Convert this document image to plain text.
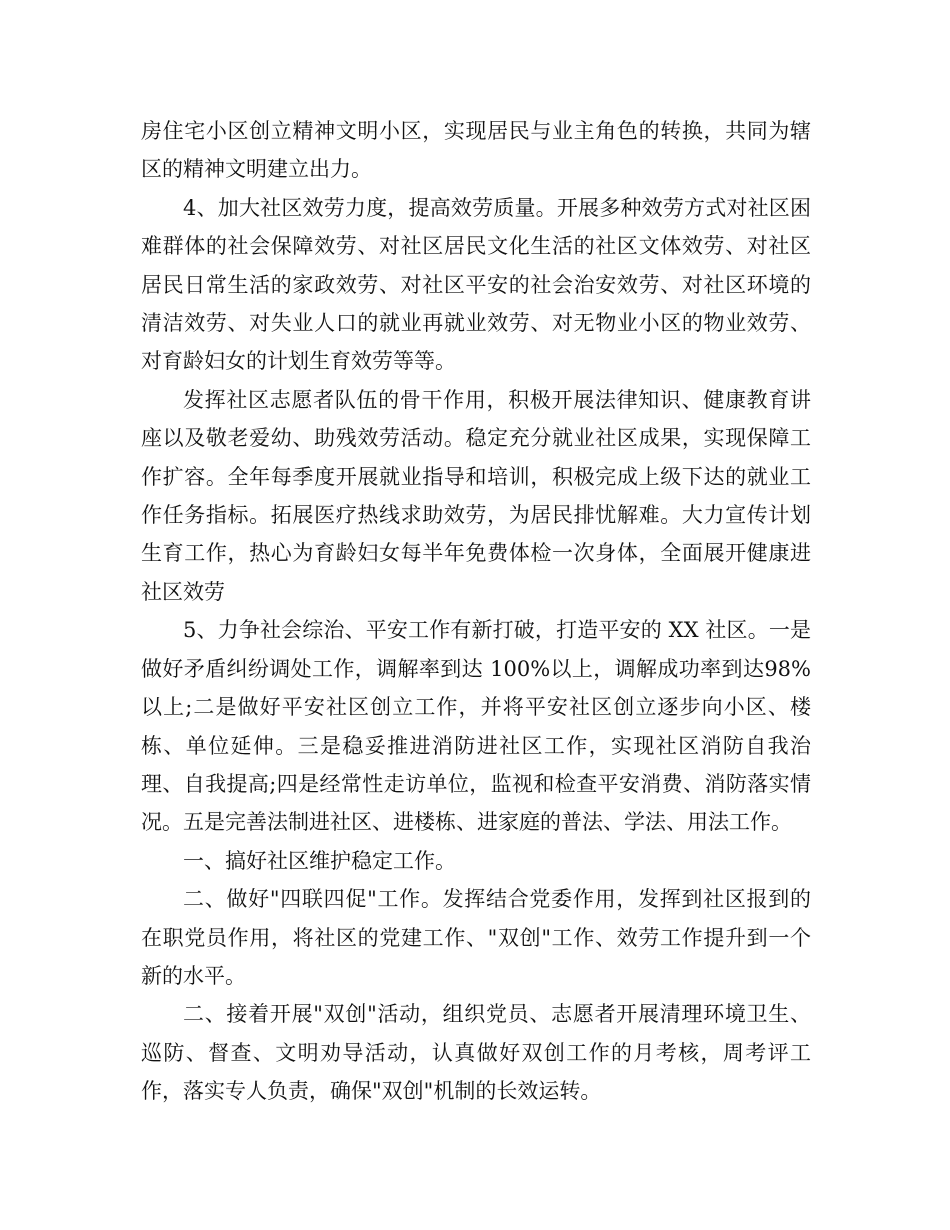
房住宅小区创立精神文明小区，实现居民与业主角色的转换，共同为辖区的精神文明建立出力。

4、加大社区效劳力度，提高效劳质量。开展多种效劳方式对社区困难群体的社会保障效劳、对社区居民文化生活的社区文体效劳、对社区居民日常生活的家政效劳、对社区平安的社会治安效劳、对社区环境的清洁效劳、对失业人口的就业再就业效劳、对无物业小区的物业效劳、对育龄妇女的计划生育效劳等等。

发挥社区志愿者队伍的骨干作用，积极开展法律知识、健康教育讲座以及敬老爱幼、助残效劳活动。稳定充分就业社区成果，实现保障工作扩容。全年每季度开展就业指导和培训，积极完成上级下达的就业工作任务指标。拓展医疗热线求助效劳，为居民排忧解难。大力宣传计划生育工作，热心为育龄妇女每半年免费体检一次身体，全面展开健康进社区效劳

5、力争社会综治、平安工作有新打破，打造平安的 XX 社区。一是做好矛盾纠纷调处工作，调解率到达 100%以上，调解成功率到达98%以上;二是做好平安社区创立工作，并将平安社区创立逐步向小区、楼栋、单位延伸。三是稳妥推进消防进社区工作，实现社区消防自我治理、自我提高;四是经常性走访单位，监视和检查平安消费、消防落实情况。五是完善法制进社区、进楼栋、进家庭的普法、学法、用法工作。

一、搞好社区维护稳定工作。

二、做好"四联四促"工作。发挥结合党委作用，发挥到社区报到的在职党员作用，将社区的党建工作、"双创"工作、效劳工作提升到一个新的水平。

二、接着开展"双创"活动，组织党员、志愿者开展清理环境卫生、巡防、督查、文明劝导活动，认真做好双创工作的月考核，周考评工作，落实专人负责，确保"双创"机制的长效运转。
